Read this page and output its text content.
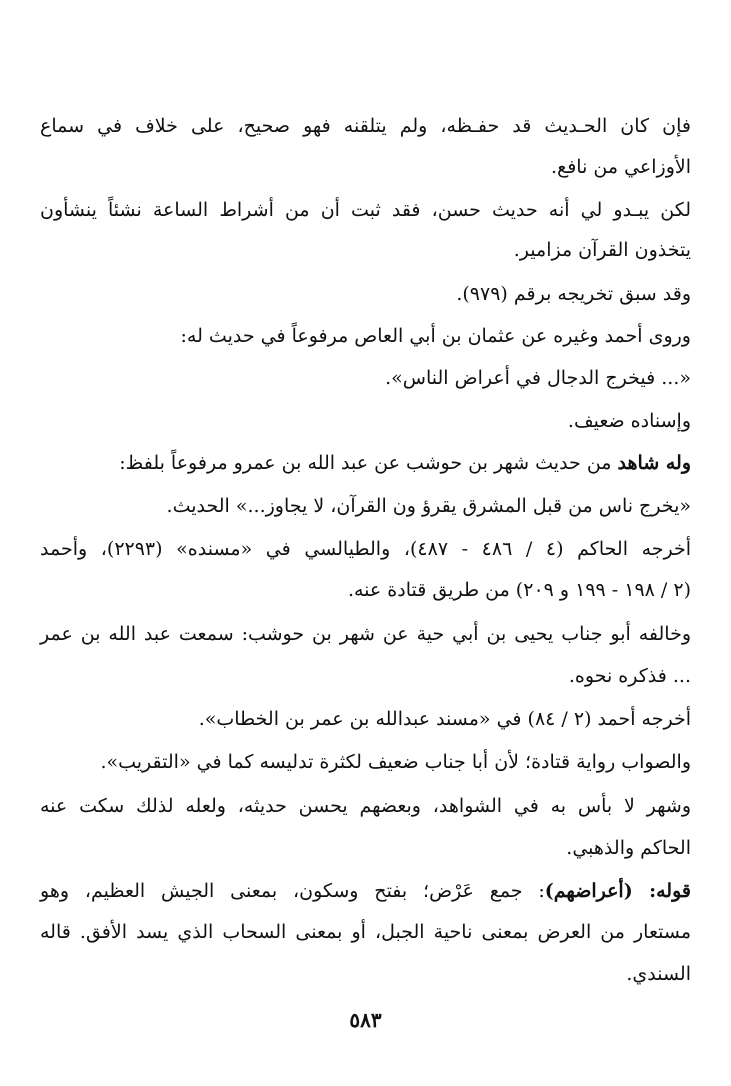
فإن كان الحـديث قد حفـظه، ولم يتلقنه فهو صحيح، على خلاف في سماع
الأوزاعي من نافع.
لكن يبـدو لي أنه حديث حسن، فقد ثبت أن من أشراط الساعة نشئاً ينشأون
يتخذون القرآن مزامير.
وقد سبق تخريجه برقم (٩٧٩).
وروى أحمد وغيره عن عثمان بن أبي العاص مرفوعاً في حديث له:
«... فيخرج الدجال في أعراض الناس».
وإسناده ضعيف.
وله شاهد من حديث شهر بن حوشب عن عبد الله بن عمرو مرفوعاً بلفظ:
«يخرج ناس من قبل المشرق يقرؤ ون القرآن، لا يجاوز...» الحديث.
أخرجه الحاكم (٤ / ٤٨٦ - ٤٨٧)، والطيالسي في «مسنده» (٢٢٩٣)، وأحمد
(٢ / ١٩٨ - ١٩٩ و ٢٠٩) من طريق قتادة عنه.
وخالفه أبو جناب يحيى بن أبي حية عن شهر بن حوشب: سمعت عبد الله بن عمر
... فذكره نحوه.
أخرجه أحمد (٢ / ٨٤) في «مسند عبدالله بن عمر بن الخطاب».
والصواب رواية قتادة؛ لأن أبا جناب ضعيف لكثرة تدليسه كما في «التقريب».
وشهر لا بأس به في الشواهد، وبعضهم يحسن حديثه، ولعله لذلك سكت عنه
الحاكم والذهبي.
قوله: (أعراضهم): جمع عَرْض؛ بفتح وسكون، بمعنى الجيش العظيم، وهو
مستعار من العرض بمعنى ناحية الجبل، أو بمعنى السحاب الذي يسد الأفق. قاله
السندي.
٥٨٣
